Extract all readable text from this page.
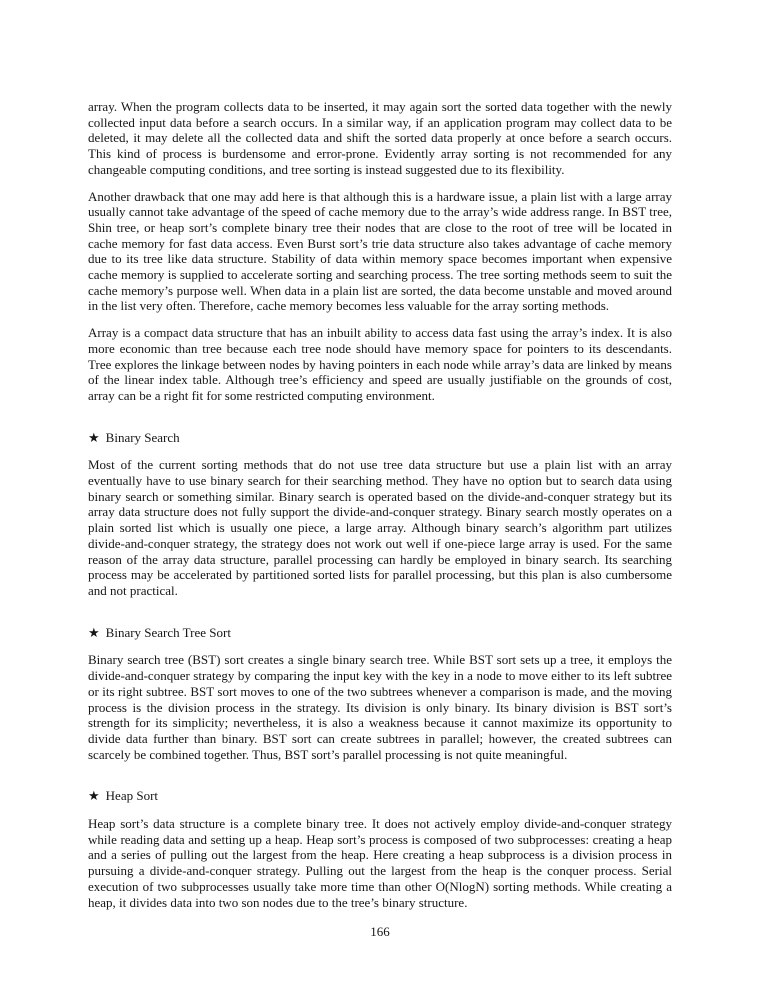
array. When the program collects data to be inserted, it may again sort the sorted data together with the newly collected input data before a search occurs. In a similar way, if an application program may collect data to be deleted, it may delete all the collected data and shift the sorted data properly at once before a search occurs. This kind of process is burdensome and error-prone. Evidently array sorting is not recommended for any changeable computing conditions, and tree sorting is instead suggested due to its flexibility.

Another drawback that one may add here is that although this is a hardware issue, a plain list with a large array usually cannot take advantage of the speed of cache memory due to the array’s wide address range. In BST tree, Shin tree, or heap sort’s complete binary tree their nodes that are close to the root of tree will be located in cache memory for fast data access. Even Burst sort’s trie data structure also takes advantage of cache memory due to its tree like data structure. Stability of data within memory space becomes important when expensive cache memory is supplied to accelerate sorting and searching process. The tree sorting methods seem to suit the cache memory’s purpose well. When data in a plain list are sorted, the data become unstable and moved around in the list very often. Therefore, cache memory becomes less valuable for the array sorting methods.

Array is a compact data structure that has an inbuilt ability to access data fast using the array’s index. It is also more economic than tree because each tree node should have memory space for pointers to its descendants. Tree explores the linkage between nodes by having pointers in each node while array’s data are linked by means of the linear index table. Although tree’s efficiency and speed are usually justifiable on the grounds of cost, array can be a right fit for some restricted computing environment.

★ Binary Search

Most of the current sorting methods that do not use tree data structure but use a plain list with an array eventually have to use binary search for their searching method. They have no option but to search data using binary search or something similar. Binary search is operated based on the divide-and-conquer strategy but its array data structure does not fully support the divide-and-conquer strategy. Binary search mostly operates on a plain sorted list which is usually one piece, a large array. Although binary search’s algorithm part utilizes divide-and-conquer strategy, the strategy does not work out well if one-piece large array is used. For the same reason of the array data structure, parallel processing can hardly be employed in binary search. Its searching process may be accelerated by partitioned sorted lists for parallel processing, but this plan is also cumbersome and not practical.

★ Binary Search Tree Sort

Binary search tree (BST) sort creates a single binary search tree. While BST sort sets up a tree, it employs the divide-and-conquer strategy by comparing the input key with the key in a node to move either to its left subtree or its right subtree. BST sort moves to one of the two subtrees whenever a comparison is made, and the moving process is the division process in the strategy. Its division is only binary. Its binary division is BST sort’s strength for its simplicity; nevertheless, it is also a weakness because it cannot maximize its opportunity to divide data further than binary. BST sort can create subtrees in parallel; however, the created subtrees can scarcely be combined together. Thus, BST sort’s parallel processing is not quite meaningful.

★ Heap Sort

Heap sort’s data structure is a complete binary tree. It does not actively employ divide-and-conquer strategy while reading data and setting up a heap. Heap sort’s process is composed of two subprocesses: creating a heap and a series of pulling out the largest from the heap. Here creating a heap subprocess is a division process in pursuing a divide-and-conquer strategy. Pulling out the largest from the heap is the conquer process. Serial execution of two subprocesses usually take more time than other O(NlogN) sorting methods. While creating a heap, it divides data into two son nodes due to the tree’s binary structure.

166
